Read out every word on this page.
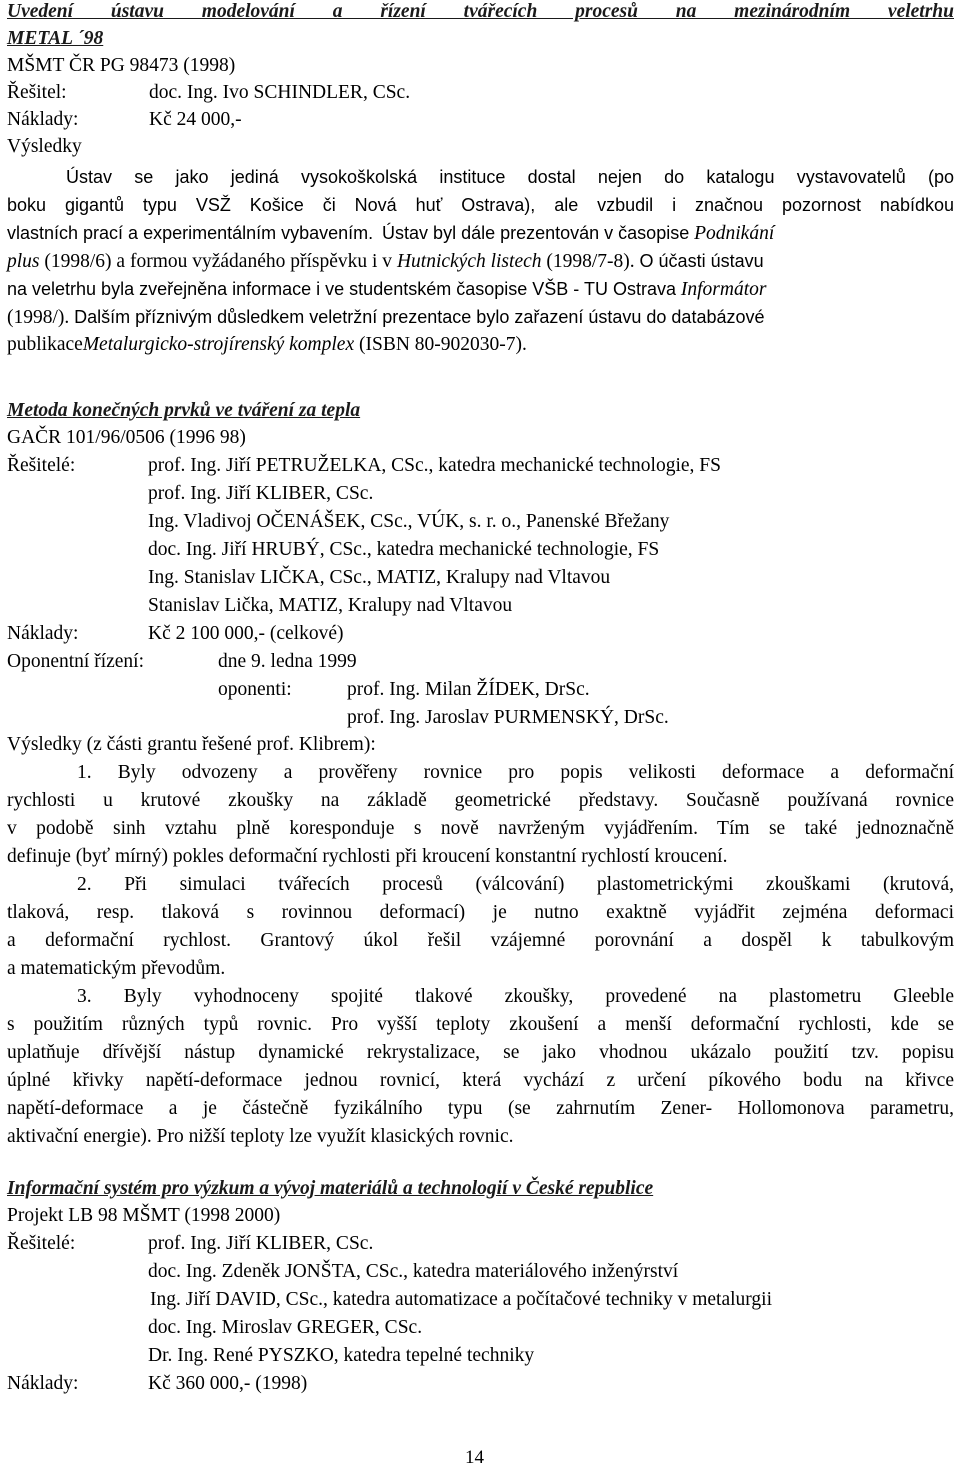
Uvedení ústavu modelování a řízení tvářecích procesů na mezinárodním veletrhu
METAL ´98
MŠMT ČR PG 98473 (1998)
Řešitel:	doc. Ing. Ivo SCHINDLER, CSc.
Náklady:	Kč 24 000,-
Výsledky
Ústav se jako jediná vysokoškolská instituce dostal nejen do katalogu vystavovatelů (po
boku gigantů typu VSŽ Košice či Nová huť Ostrava), ale vzbudil i značnou pozornost nabídkou
vlastních prací a experimentálním vybavením. Ústav byl dále prezentován v časopise Podnikání
plus (1998/6) a formou vyžádaného příspěvku i v Hutnických listech (1998/7-8). O účasti ústavu
na veletrhu byla zveřejněna informace i ve studentském časopise VŠB - TU Ostrava Informátor
(1998/). Dalším příznivým důsledkem veletržní prezentace bylo zařazení ústavu do databázové
publikaceMetalurgicko-strojírenský komplex (ISBN 80-902030-7).
Metoda konečných prvků ve tváření za tepla
GAČR 101/96/0506 (1996 98)
Řešitelé:	prof. Ing. Jiří PETRUŽELKA, CSc., katedra mechanické technologie, FS
prof. Ing. Jiří KLIBER, CSc.
Ing. Vladivoj OČENÁŠEK, CSc., VÚK, s. r. o., Panenské Břežany
doc. Ing. Jiří HRUBÝ, CSc., katedra mechanické technologie, FS
Ing. Stanislav LIČKA, CSc., MATIZ, Kralupy nad Vltavou
Stanislav Lička, MATIZ, Kralupy nad Vltavou
Náklady:	Kč 2 100 000,- (celkové)
Oponentní řízení:	dne 9. ledna 1999
oponenti:	prof. Ing. Milan ŽÍDEK, DrSc.
prof. Ing. Jaroslav PURMENSKÝ, DrSc.
Výsledky (z části grantu řešené prof. Klibrem):
1. Byly odvozeny a prověřeny rovnice pro popis velikosti deformace a deformační
rychlosti u krutové zkoušky na základě geometrické představy. Současně používaná rovnice
v podobě sinh vztahu plně koresponduje s nově navrženým vyjádřením. Tím se také jednoznačně
definuje (byť mírný) pokles deformační rychlosti při kroucení konstantní rychlostí kroucení.
2. Při simulaci tvářecích procesů (válcování) plastometrickými zkouškami (krutová,
tlaková, resp. tlaková s rovinnou deformací) je nutno exaktně vyjádřit zejména deformaci
a deformační rychlost. Grantový úkol řešil vzájemné porovnání a dospěl k tabulkovým
a matematickým převodům.
3. Byly vyhodnoceny spojité tlakové zkoušky, provedené na plastometru Gleeble
s použitím různých typů rovnic. Pro vyšší teploty zkoušení a menší deformační rychlosti, kde se
uplatňuje dřívější nástup dynamické rekrystalizace, se jako vhodnou ukázalo použití tzv. popisu
úplné křivky napětí-deformace jednou rovnicí, která vychází z určení píkového bodu na křivce
napětí-deformace a je částečně fyzikálního typu (se zahrnutím Zener- Hollomonova parametru,
aktivační energie). Pro nižší teploty lze využít klasických rovnic.
Informační systém pro výzkum a vývoj materiálů a technologií v České republice
Projekt LB 98 MŠMT (1998 2000)
Řešitelé:	prof. Ing. Jiří KLIBER, CSc.
doc. Ing. Zdeněk JONŠTA, CSc., katedra materiálového inženýrství
Ing. Jiří DAVID, CSc., katedra automatizace a počítačové techniky v metalurgii
doc. Ing. Miroslav GREGER, CSc.
Dr. Ing. René PYSZKO, katedra tepelné techniky
Náklady:	Kč 360 000,- (1998)
14
